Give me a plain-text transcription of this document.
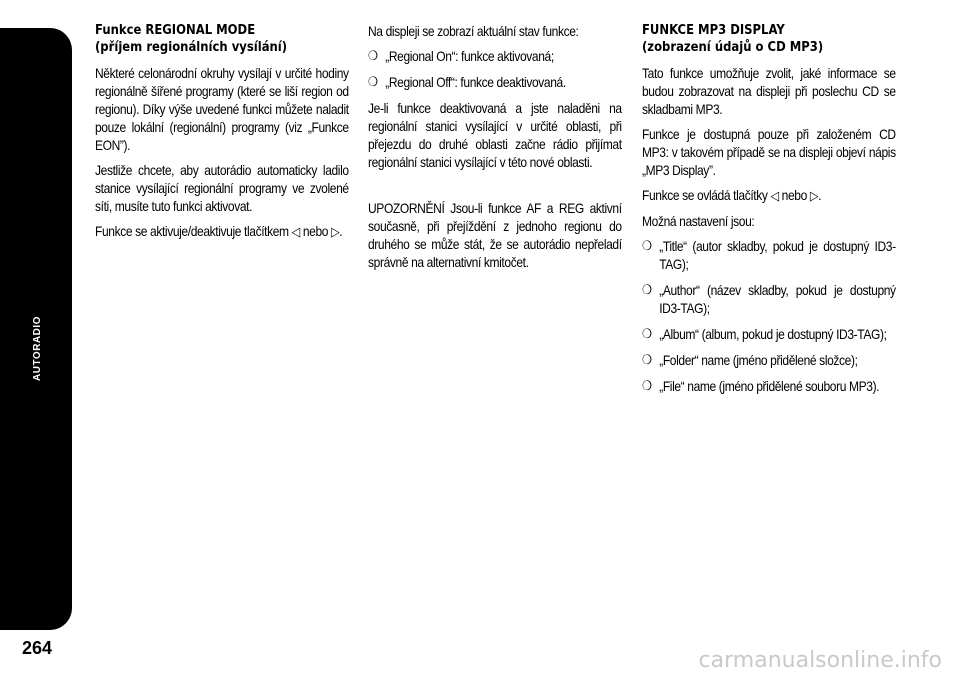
AUTORADIO
264
Funkce REGIONAL MODE
(příjem regionálních vysílání)

Některé celonárodní okruhy vysílají v určité hodiny regionálně šířené programy (které se liší region od regionu). Díky výše uvedené funkci můžete naladit pouze lokální (regionální) programy (viz „Funkce EON”).

Jestliže chcete, aby autorádio automaticky ladilo stanice vysílající regionální programy ve zvolené síti, musíte tuto funkci aktivovat.

Funkce se aktivuje/deaktivuje tlačítkem ◁ nebo ▷.

Na displeji se zobrazí aktuální stav funkce:

❍ „Regional On“: funkce aktivovaná;
❍ „Regional Off“: funkce deaktivovaná.

Je-li funkce deaktivovaná a jste naladěni na regionální stanici vysílající v určité oblasti, při přejezdu do druhé oblasti začne rádio přijímat regionální stanici vysílající v této nové oblasti.

UPOZORNĚNÍ Jsou-li funkce AF a REG aktivní současně, při přejíždění z jednoho regionu do druhého se může stát, že se autorádio nepřeladí správně na alternativní kmitočet.

FUNKCE MP3 DISPLAY
(zobrazení údajů o CD MP3)

Tato funkce umožňuje zvolit, jaké informace se budou zobrazovat na displeji při poslechu CD se skladbami MP3.

Funkce je dostupná pouze při založeném CD MP3: v takovém případě se na displeji objeví nápis „MP3 Display”.

Funkce se ovládá tlačítky ◁ nebo ▷.

Možná nastavení jsou:

❍ „Title“ (autor skladby, pokud je dostupný ID3-TAG);
❍ „Author“ (název skladby, pokud je dostupný ID3-TAG);
❍ „Album“ (album, pokud je dostupný ID3-TAG);
❍ „Folder“ name (jméno přidělené složce);
❍ „File“ name (jméno přidělené souboru MP3).
carmanualsonline.info
